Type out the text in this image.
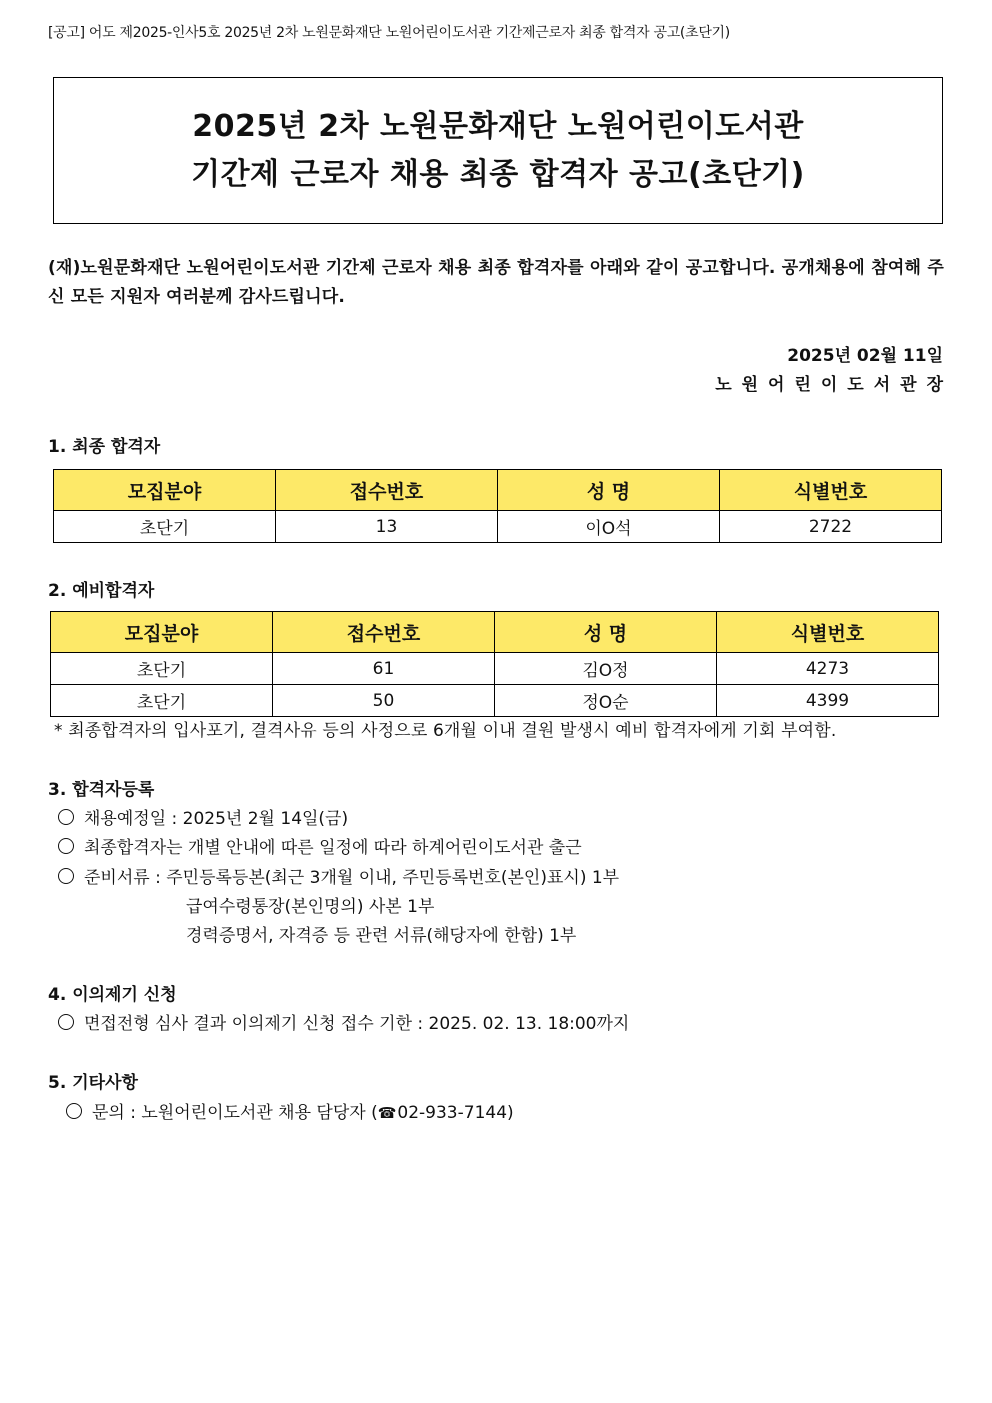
[공고] 어도 제2025-인사5호 2025년 2차 노원문화재단 노원어린이도서관 기간제근로자 최종 합격자 공고(초단기)
2025년 2차 노원문화재단 노원어린이도서관
기간제 근로자 채용 최종 합격자 공고(초단기)
(재)노원문화재단 노원어린이도서관 기간제 근로자 채용 최종 합격자를 아래와 같이 공고합니다. 공개채용에 참여해 주신 모든 지원자 여러분께 감사드립니다.
2025년 02월 11일
노원어린이도서관장
1. 최종 합격자
모집분야	접수번호	성 명	식별번호
초단기	13	이O석	2722
2. 예비합격자
모집분야	접수번호	성 명	식별번호
초단기	61	김O정	4273
초단기	50	정O순	4399
* 최종합격자의 입사포기, 결격사유 등의 사정으로 6개월 이내 결원 발생시 예비 합격자에게 기회 부여함.
3. 합격자등록
채용예정일 : 2025년 2월 14일(금)
최종합격자는 개별 안내에 따른 일정에 따라 하계어린이도서관 출근
준비서류 : 주민등록등본(최근 3개월 이내, 주민등록번호(본인)표시) 1부
급여수령통장(본인명의) 사본 1부
경력증명서, 자격증 등 관련 서류(해당자에 한함) 1부
4. 이의제기 신청
면접전형 심사 결과 이의제기 신청 접수 기한 : 2025. 02. 13. 18:00까지
5. 기타사항
문의 : 노원어린이도서관 채용 담당자 (☎02-933-7144)
